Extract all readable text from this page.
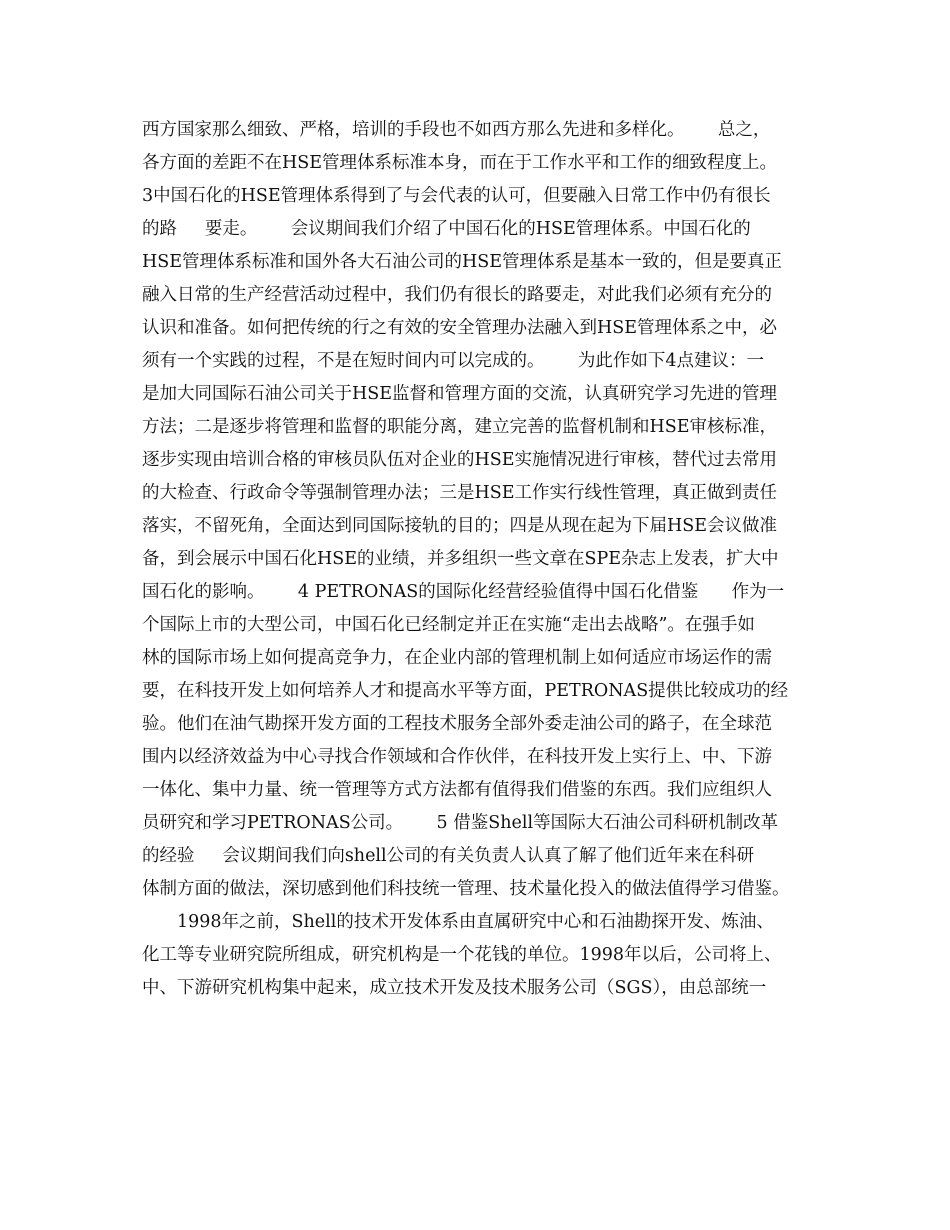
西方国家那么细致、严格，培训的手段也不如西方那么先进和多样化。      总之，
各方面的差距不在HSE管理体系标准本身，而在于工作水平和工作的细致程度上。
3中国石化的HSE管理体系得到了与会代表的认可，但要融入日常工作中仍有很长
的路     要走。      会议期间我们介绍了中国石化的HSE管理体系。中国石化的
HSE管理体系标准和国外各大石油公司的HSE管理体系是基本一致的，但是要真正
融入日常的生产经营活动过程中，我们仍有很长的路要走，对此我们必须有充分的
认识和准备。如何把传统的行之有效的安全管理办法融入到HSE管理体系之中，必
须有一个实践的过程，不是在短时间内可以完成的。      为此作如下4点建议：一
是加大同国际石油公司关于HSE监督和管理方面的交流，认真研究学习先进的管理
方法；二是逐步将管理和监督的职能分离，建立完善的监督机制和HSE审核标准，
逐步实现由培训合格的审核员队伍对企业的HSE实施情况进行审核，替代过去常用
的大检查、行政命令等强制管理办法；三是HSE工作实行线性管理，真正做到责任
落实，不留死角，全面达到同国际接轨的目的；四是从现在起为下届HSE会议做准
备，到会展示中国石化HSE的业绩，并多组织一些文章在SPE杂志上发表，扩大中
国石化的影响。      4 PETRONAS的国际化经营经验值得中国石化借鉴      作为一
个国际上市的大型公司，中国石化已经制定并正在实施“走出去战略”。在强手如
林的国际市场上如何提高竞争力，在企业内部的管理机制上如何适应市场运作的需
要，在科技开发上如何培养人才和提高水平等方面，PETRONAS提供比较成功的经
验。他们在油气勘探开发方面的工程技术服务全部外委走油公司的路子，在全球范
围内以经济效益为中心寻找合作领域和合作伙伴，在科技开发上实行上、中、下游
一体化、集中力量、统一管理等方式方法都有值得我们借鉴的东西。我们应组织人
员研究和学习PETRONAS公司。      5 借鉴Shell等国际大石油公司科研机制改革
的经验     会议期间我们向shell公司的有关负责人认真了解了他们近年来在科研
体制方面的做法，深切感到他们科技统一管理、技术量化投入的做法值得学习借鉴。
1998年之前，Shell的技术开发体系由直属研究中心和石油勘探开发、炼油、
化工等专业研究院所组成，研究机构是一个花钱的单位。1998年以后，公司将上、
中、下游研究机构集中起来，成立技术开发及技术服务公司（SGS），由总部统一
